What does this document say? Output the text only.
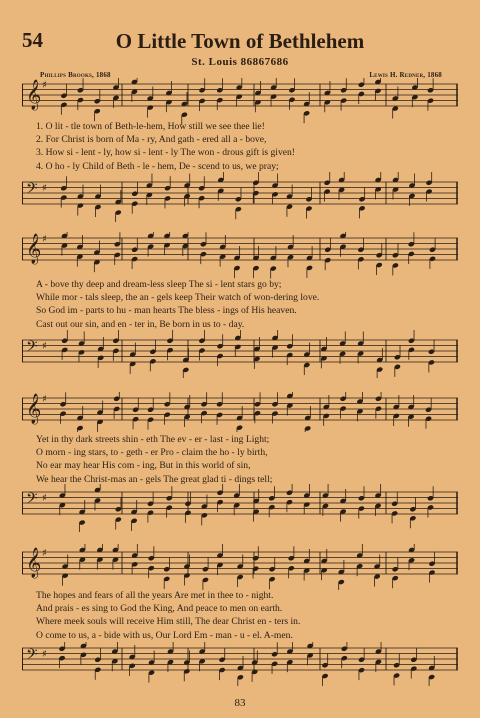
54	O Little Town of Bethlehem
St. Louis 86867686
Phillips Brooks, 1868	Lewis H. Redner, 1868
𝄞 ♯
1. O lit - tle town of Beth-le-hem, How still we see thee lie!
2. For Christ is born of Ma - ry, And gath - ered all a - bove,
3. How si - lent - ly, how si - lent - ly The won - drous gift is given!
4. O ho - ly Child of Beth - le - hem, De - scend to us, we pray;
𝄢 ♯
𝄞 ♯
A - bove thy deep and dream-less sleep The si - lent stars go by;
While mor - tals sleep, the an - gels keep Their watch of won-dering love.
So God im - parts to hu - man hearts The bless - ings of His heaven.
Cast out our sin, and en - ter in, Be born in us to - day.
𝄢 ♯
𝄞 ♯
Yet in thy dark streets shin - eth The ev - er - last - ing Light;
O morn - ing stars, to - geth - er Pro - claim the ho - ly birth,
No ear may hear His com - ing, But in this world of sin,
We hear the Christ-mas an - gels The great glad ti - dings tell;
𝄢 ♯
𝄞 ♯
The hopes and fears of all the years Are met in thee to - night.
And prais - es sing to God the King, And peace to men on earth.
Where meek souls will receive Him still, The dear Christ en - ters in.
O come to us, a - bide with us, Our Lord Em - man - u - el. A-men.
𝄢 ♯
83
